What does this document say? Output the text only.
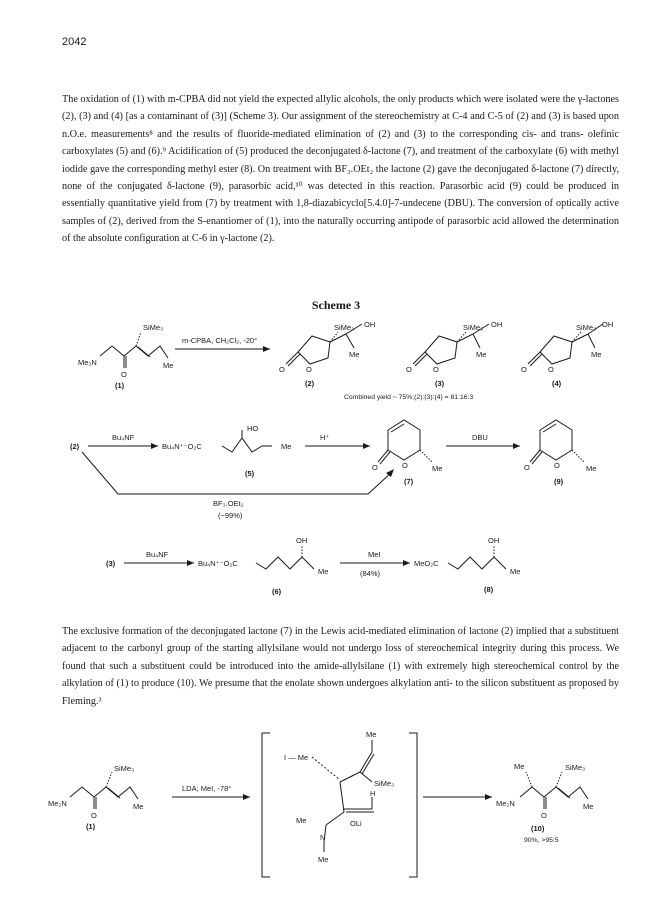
2042

The oxidation of (1) with m-CPBA did not yield the expected allylic alcohols, the only products which were isolated were the γ-lactones (2), (3) and (4) [as a contaminant of (3)] (Scheme 3). Our assignment of the stereochemistry at C-4 and C-5 of (2) and (3) is based upon n.O.e. measurements⁸ and the results of fluoride-mediated elimination of (2) and (3) to the corresponding cis- and trans- olefinic carboxylates (5) and (6).⁹ Acidification of (5) produced the deconjugated δ-lactone (7), and treatment of the carboxylate (6) with methyl iodide gave the corresponding methyl ester (8). On treatment with BF₃.OEt₂ the lactone (2) gave the deconjugated δ-lactone (7) directly, none of the conjugated δ-lactone (9), parasorbic acid,¹⁰ was detected in this reaction. Parasorbic acid (9) could be produced in essentially quantitative yield from (7) by treatment with 1,8-diazabicyclo[5.4.0]-7-undecene (DBU). The conversion of optically active samples of (2), derived from the S-enantiomer of (1), into the naturally occurring antipode of parasorbic acid allowed the determination of the absolute configuration at C-6 in γ-lactone (2).

Scheme 3
SiMe₃
Me₂N
O
Me
(1)
m-CPBA, CH₂Cl₂, -20°
SiMe₃ OH
Me
O	O
(2)
SiMe₃ OH
Me
O	O
(3)
SiMe₃ OH
Me
O	O
(4)
Combined yield ~ 75%;(2):(3):(4) = 81:16:3
(2)
Bu₄NF
Bu₄N⁺⁻O₂C
HO
Me
(5)
H⁺
O	O	Me
(7)
DBU
O	O	Me
(9)
BF₃.OEt₂
(~99%)
(3)
Bu₄NF
Bu₄N⁺⁻O₂C
OH
Me
(6)
MeI
(84%)
MeO₂C
OH
Me
(8)
SiMe₃
Me₂N
O
Me
(1)
LDA; MeI, -78°
I — Me
Me
SiMe₃
H
Me
N
OLi
Me
Me	SiMe₃
Me₂N
O
Me
(10)
90%, >95:5

The exclusive formation of the deconjugated lactone (7) in the Lewis acid-mediated elimination of lactone (2) implied that a substituent adjacent to the carbonyl group of the starting allylsilane would not undergo loss of stereochemical integrity during this process. We found that such a substituent could be introduced into the amide-allylsilane (1) with extremely high stereochemical control by the alkylation of (1) to produce (10). We presume that the enolate shown undergoes alkylation anti- to the silicon substituent as proposed by Fleming.³
